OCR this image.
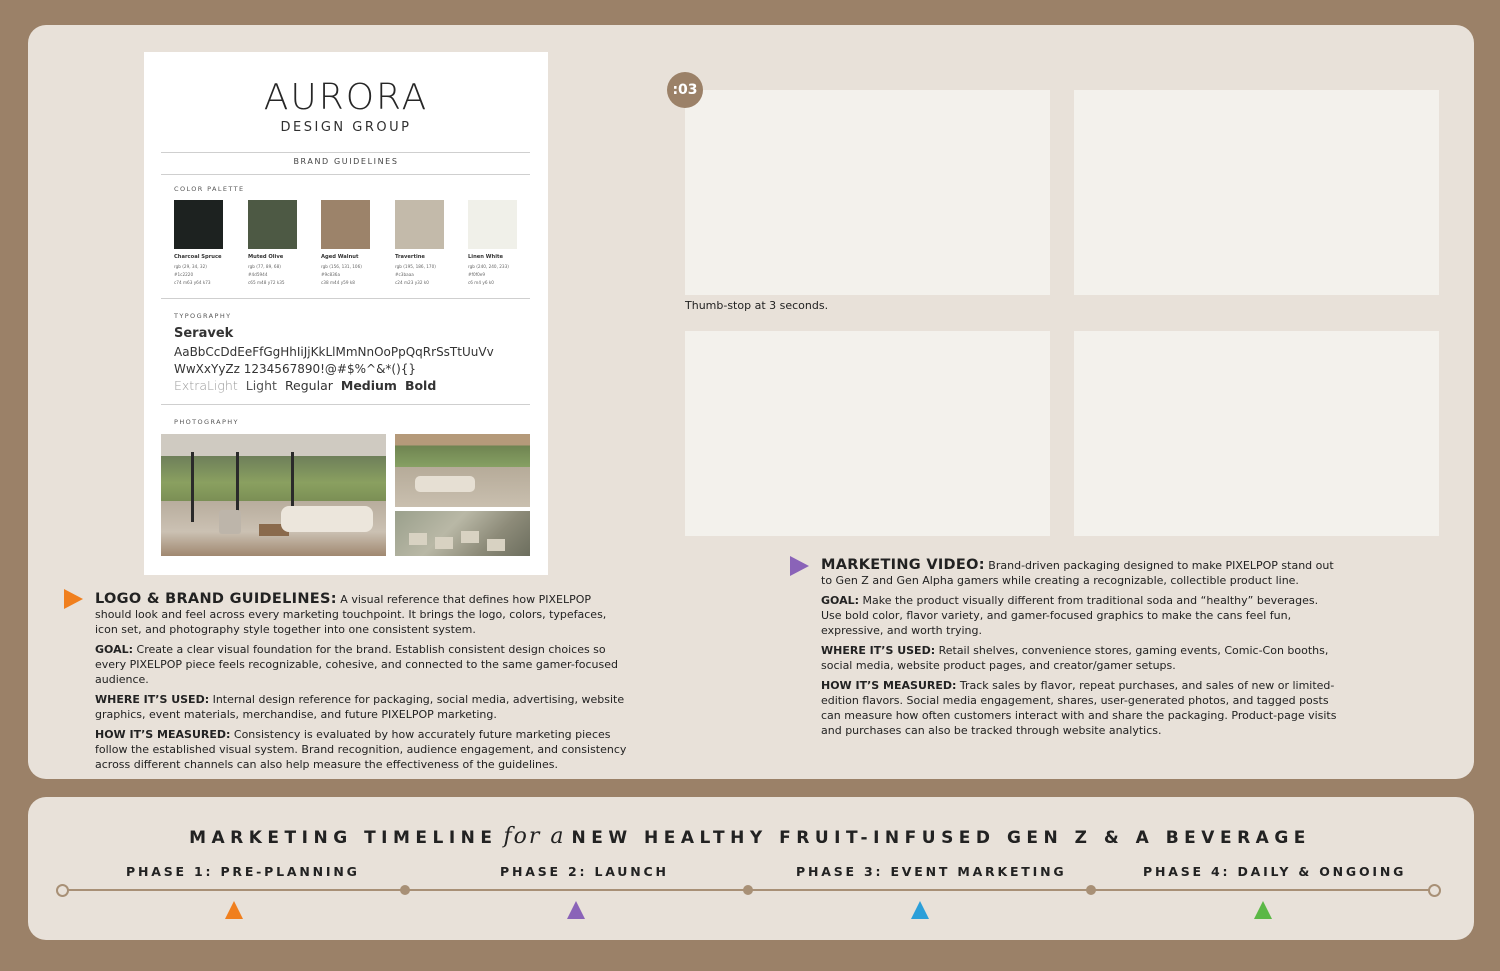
AURORA
DESIGN GROUP
BRAND GUIDELINES
COLOR PALETTE
Charcoal Spruce
rgb (29, 34, 32)
#1c2220
c74 m63 y64 k73
Muted Olive
rgb (77, 89, 68)
#4d5944
c65 m48 y72 k35
Aged Walnut
rgb (156, 131, 106)
#9c836a
c38 m44 y59 k8
Travertine
rgb (195, 186, 170)
#c3baaa
c24 m23 y32 k0
Linen White
rgb (240, 240, 233)
#f0f0e9
c6 m4 y6 k0
TYPOGRAPHY
Seravek
AaBbCcDdEeFfGgHhIiJjKkLlMmNnOoPpQqRrSsTtUuVv
WwXxYyZz 1234567890!@#$%^&*(){}
ExtraLight Light Regular Medium Bold
PHOTOGRAPHY

LOGO & BRAND GUIDELINES: A visual reference that defines how PIXELPOP should look and feel across every marketing touchpoint. It brings the logo, colors, typefaces, icon set, and photography style together into one consistent system.

GOAL: Create a clear visual foundation for the brand. Establish consistent design choices so every PIXELPOP piece feels recognizable, cohesive, and connected to the same gamer-focused audience.

WHERE IT’S USED: Internal design reference for packaging, social media, advertising, website graphics, event materials, merchandise, and future PIXELPOP marketing.

HOW IT’S MEASURED: Consistency is evaluated by how accurately future marketing pieces follow the established visual system. Brand recognition, audience engagement, and consistency across different channels can also help measure the effectiveness of the guidelines.

:03
Thumb-stop at 3 seconds.

MARKETING VIDEO: Brand-driven packaging designed to make PIXELPOP stand out to Gen Z and Gen Alpha gamers while creating a recognizable, collectible product line.

GOAL: Make the product visually different from traditional soda and “healthy” beverages. Use bold color, flavor variety, and gamer-focused graphics to make the cans feel fun, expressive, and worth trying.

WHERE IT’S USED: Retail shelves, convenience stores, gaming events, Comic-Con booths, social media, website product pages, and creator/gamer setups.

HOW IT’S MEASURED: Track sales by flavor, repeat purchases, and sales of new or limited-edition flavors. Social media engagement, shares, user-generated photos, and tagged posts can measure how often customers interact with and share the packaging. Product-page visits and purchases can also be tracked through website analytics.

MARKETING TIMELINE for a NEW HEALTHY FRUIT-INFUSED GEN Z & A BEVERAGE
PHASE 1: PRE-PLANNING	PHASE 2: LAUNCH	PHASE 3: EVENT MARKETING	PHASE 4: DAILY & ONGOING
